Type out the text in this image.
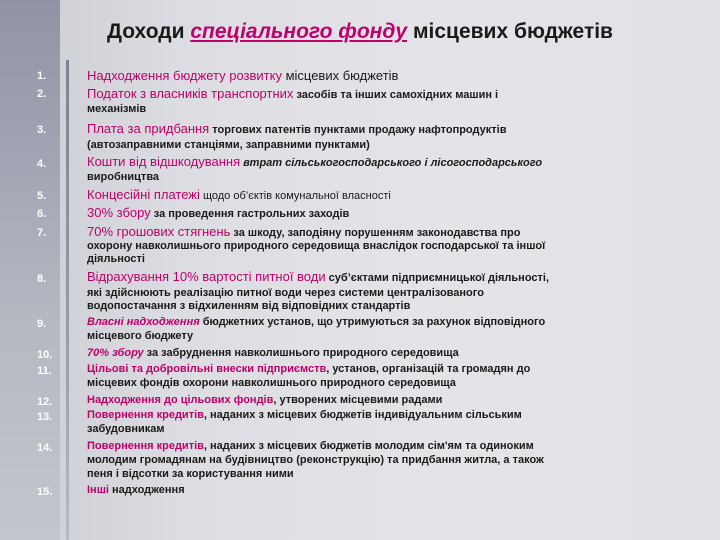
Доходи спеціального фонду місцевих бюджетів
1.	Надходження бюджету розвитку місцевих бюджетів
2.	Податок з власників транспортних засобів та інших самохідних машин і
механізмів
3.	Плата за придбання торгових патентів пунктами продажу нафтопродуктів
(автозаправними станціями, заправними пунктами)
4.	Кошти від відшкодування втрат сільськогосподарського і лісогосподарського
виробництва
5.	Концесійні платежі щодо об’єктів комунальної власності
6.	30% збору за проведення гастрольних заходів
7.	70% грошових стягнень за шкоду, заподіяну порушенням законодавства про
охорону навколишнього природного середовища внаслідок господарської та іншої
діяльності
8.	Відрахування 10% вартості питної води суб’єктами підприємницької діяльності,
які здійснюють реалізацію питної води через системи централізованого
водопостачання з відхиленням від відповідних стандартів
9.	Власні надходження бюджетних установ, що утримуються за рахунок відповідного
місцевого бюджету
10.	70% збору за забруднення навколишнього природного середовища
11.	Цільові та добровільні внески підприємств, установ, організацій та громадян до
місцевих фондів охорони навколишнього природного середовища
12.	Надходження до цільових фондів, утворених місцевими радами
13.	Повернення кредитів, наданих з місцевих бюджетів індивідуальним сільським
забудовникам
14.	Повернення кредитів, наданих з місцевих бюджетів молодим сім'ям та одиноким
молодим громадянам на будівництво (реконструкцію) та придбання житла, а також
пеня і відсотки за користування ними
15.	Інші надходження
